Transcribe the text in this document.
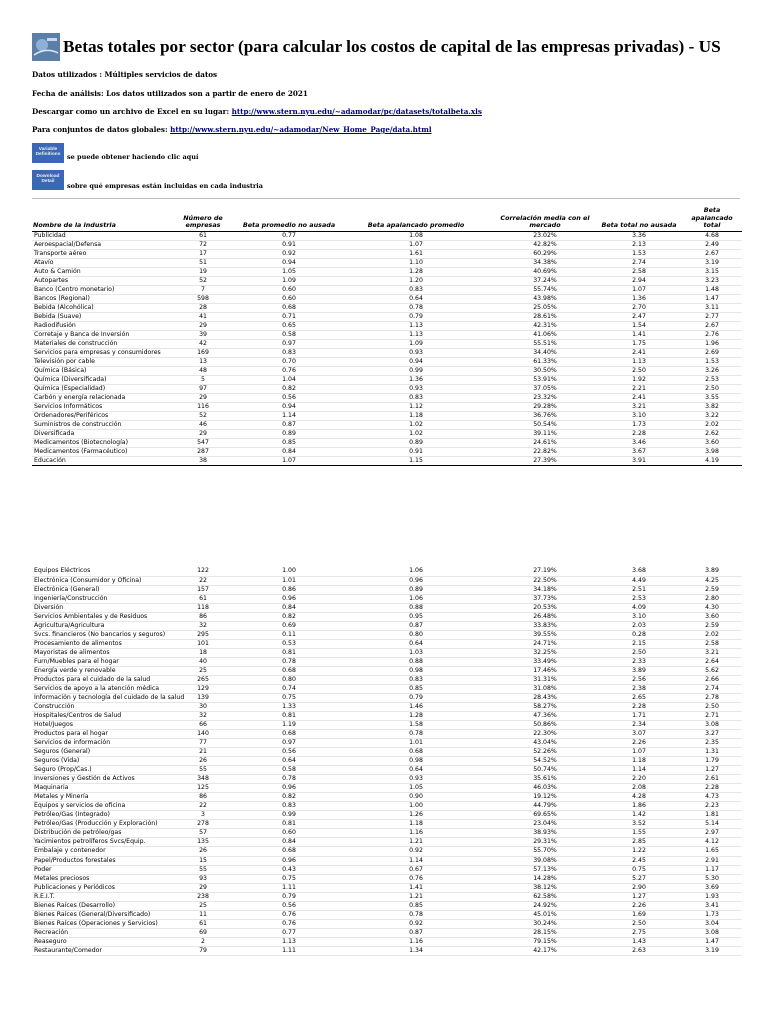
Betas totales por sector (para calcular los costos de capital de las empresas privadas) - US
Datos utilizados : Múltiples servicios de datos
Fecha de análisis: Los datos utilizados son a partir de enero de 2021
Descargar como un archivo de Excel en su lugar: http://www.stern.nyu.edu/~adamodar/pc/datasets/totalbeta.xls
Para conjuntos de datos globales: http://www.stern.nyu.edu/~adamodar/New_Home_Page/data.html
Variable Definitions	se puede obtener haciendo clic aquí
Download Detail
sobre qué empresas están incluidas en cada industria
Nombre de la industria	Número de empresas	Beta promedio no ausada	Beta apalancado promedio	Correlación media con el mercado	Beta total no ausada	Beta apalancado total
Publicidad	61	0.77	1.08	23.02%	3.36	4.68
Aeroespacial/Defensa	72	0.91	1.07	42.82%	2.13	2.49
Transporte aéreo	17	0.92	1.61	60.29%	1.53	2.67
Atavío	51	0.94	1.10	34.38%	2.74	3.19
Auto & Camión	19	1.05	1.28	40.69%	2.58	3.15
Autopartes	52	1.09	1.20	37.24%	2.94	3.23
Banco (Centro monetario)	7	0.60	0.83	55.74%	1.07	1.48
Bancos (Regional)	598	0.60	0.64	43.98%	1.36	1.47
Bebida (Alcohólica)	28	0.68	0.78	25.05%	2.70	3.11
Bebida (Suave)	41	0.71	0.79	28.61%	2.47	2.77
Radiodifusión	29	0.65	1.13	42.31%	1.54	2.67
Corretaje y Banca de Inversión	39	0.58	1.13	41.06%	1.41	2.76
Materiales de construcción	42	0.97	1.09	55.51%	1.75	1.96
Servicios para empresas y consumidores	169	0.83	0.93	34.40%	2.41	2.69
Televisión por cable	13	0.70	0.94	61.33%	1.13	1.53
Química (Básica)	48	0.76	0.99	30.50%	2.50	3.26
Química (Diversificada)	5	1.04	1.36	53.91%	1.92	2.53
Química (Especialidad)	97	0.82	0.93	37.05%	2.21	2.50
Carbón y energía relacionada	29	0.56	0.83	23.32%	2.41	3.55
Servicios Informáticos	116	0.94	1.12	29.28%	3.21	3.82
Ordenadores/Periféricos	52	1.14	1.18	36.76%	3.10	3.22
Suministros de construcción	46	0.87	1.02	50.54%	1.73	2.02
Diversificada	29	0.89	1.02	39.11%	2.28	2.62
Medicamentos (Biotecnología)	547	0.85	0.89	24.61%	3.46	3.60
Medicamentos (Farmacéutico)	287	0.84	0.91	22.82%	3.67	3.98
Educación	38	1.07	1.15	27.39%	3.91	4.19
Equipos Eléctricos	122	1.00	1.06	27.19%	3.68	3.89
Electrónica (Consumidor y Oficina)	22	1.01	0.96	22.50%	4.49	4.25
Electrónica (General)	157	0.86	0.89	34.18%	2.51	2.59
Ingeniería/Construcción	61	0.96	1.06	37.73%	2.53	2.80
Diversión	118	0.84	0.88	20.53%	4.09	4.30
Servicios Ambientales y de Residuos	86	0.82	0.95	26.48%	3.10	3.60
Agricultura/Agricultura	32	0.69	0.87	33.83%	2.03	2.59
Svcs. financieros (No bancarios y seguros)	295	0.11	0.80	39.55%	0.28	2.02
Procesamiento de alimentos	101	0.53	0.64	24.71%	2.15	2.58
Mayoristas de alimentos	18	0.81	1.03	32.25%	2.50	3.21
Furn/Muebles para el hogar	40	0.78	0.88	33.49%	2.33	2.64
Energía verde y renovable	25	0.68	0.98	17.46%	3.89	5.62
Productos para el cuidado de la salud	265	0.80	0.83	31.31%	2.56	2.66
Servicios de apoyo a la atención médica	129	0.74	0.85	31.08%	2.38	2.74
Información y tecnología del cuidado de la salud	139	0.75	0.79	28.43%	2.65	2.78
Construcción	30	1.33	1.46	58.27%	2.28	2.50
Hospitales/Centros de Salud	32	0.81	1.28	47.36%	1.71	2.71
Hotel/Juegos	66	1.19	1.58	50.86%	2.34	3.08
Productos para el hogar	140	0.68	0.78	22.30%	3.07	3.27
Servicios de información	77	0.97	1.01	43.04%	2.26	2.35
Seguros (General)	21	0.56	0.68	52.26%	1.07	1.31
Seguros (Vida)	26	0.64	0.98	54.52%	1.18	1.79
Seguro (Prop/Cas.)	55	0.58	0.64	50.74%	1.14	1.27
Inversiones y Gestión de Activos	348	0.78	0.93	35.61%	2.20	2.61
Maquinaria	125	0.96	1.05	46.03%	2.08	2.28
Metales y Minería	86	0.82	0.90	19.12%	4.28	4.73
Equipos y servicios de oficina	22	0.83	1.00	44.79%	1.86	2.23
Petróleo/Gas (Integrado)	3	0.99	1.26	69.65%	1.42	1.81
Petróleo/Gas (Producción y Exploración)	278	0.81	1.18	23.04%	3.52	5.14
Distribución de petróleo/gas	57	0.60	1.16	38.93%	1.55	2.97
Yacimientos petrolíferos Svcs/Equip.	135	0.84	1.21	29.31%	2.85	4.12
Embalaje y contenedor	26	0.68	0.92	55.70%	1.22	1.65
Papel/Productos forestales	15	0.96	1.14	39.08%	2.45	2.91
Poder	55	0.43	0.67	57.13%	0.75	1.17
Metales preciosos	93	0.75	0.76	14.28%	5.27	5.30
Publicaciones y Periódicos	29	1.11	1.41	38.12%	2.90	3.69
R.E.I.T.	238	0.79	1.21	62.58%	1.27	1.93
Bienes Raíces (Desarrollo)	25	0.56	0.85	24.92%	2.26	3.41
Bienes Raíces (General/Diversificado)	11	0.76	0.78	45.01%	1.69	1.73
Bienes Raíces (Operaciones y Servicios)	61	0.76	0.92	30.24%	2.50	3.04
Recreación	69	0.77	0.87	28.15%	2.75	3.08
Reaseguro	2	1.13	1.16	79.15%	1.43	1.47
Restaurante/Comedor	79	1.11	1.34	42.17%	2.63	3.19
